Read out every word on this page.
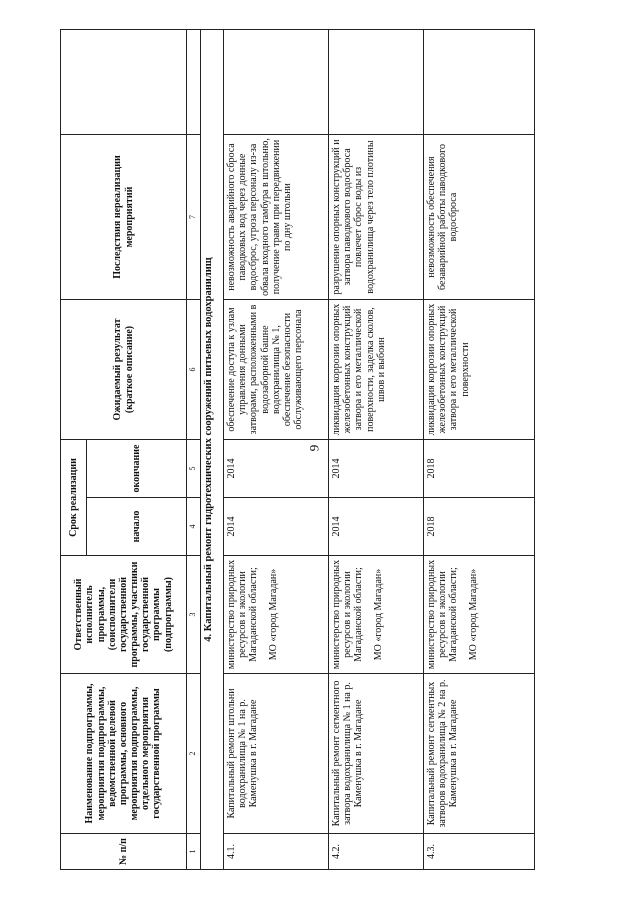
9
№ п/п	Наименование подпрограммы, мероприятия подпрограммы, ведомственной целевой программы, основного мероприятия подпрограммы, отдельного мероприятия государственной программы	Ответственный исполнитель программы, (соисполнители государственной программы, участники государственной программы (подпрограммы)	Срок реализации		Ожидаемый результат (краткое описание)	Последствия нереализации мероприятий	
			начало	окончание			
1	2	3	4	5	6	7	
4. Капитальный ремонт гидротехнических сооружений питьевых водохранилищ							
4.1.	Капитальный ремонт штольни водохранилища № 1 на р. Каменушка в г. Магадане	министерство природных ресурсов и экологии Магаданской области; МО «город Магадан»	2014	2014	обеспечение доступа к узлам управления донными затворами, расположенными в водозаборной башне водохранилища № 1, обеспечение безопасности обслуживающего персонала	невозможность аварийного сброса паводковых вод через донные водосброс, угроза персоналу из-за обвала входного тамбура в штольню, получение травм при передвижении по дну штольни	
4.2.	Капитальный ремонт сегментного затвора водохранилища № 1 на р. Каменушка в г. Магадане	министерство природных ресурсов и экологии Магаданской области; МО «город Магадан»	2014	2014	ликвидация коррозии опорных железобетонных конструкций затвора и его металлической поверхности, заделка сколов, швов и выбоин	разрушение опорных конструкций и затвора паводкового водосброса повлечет сброс воды из водохранилища через тело плотины	
4.3.	Капитальный ремонт сегментных затворов водохранилища № 2 на р. Каменушка в г. Магадане	министерство природных ресурсов и экологии Магаданской области; МО «город Магадан»	2018	2018	ликвидация коррозии опорных железобетонных конструкций затвора и его металлической поверхности	невозможность обеспечения безаварийной работы паводкового водосброса	
